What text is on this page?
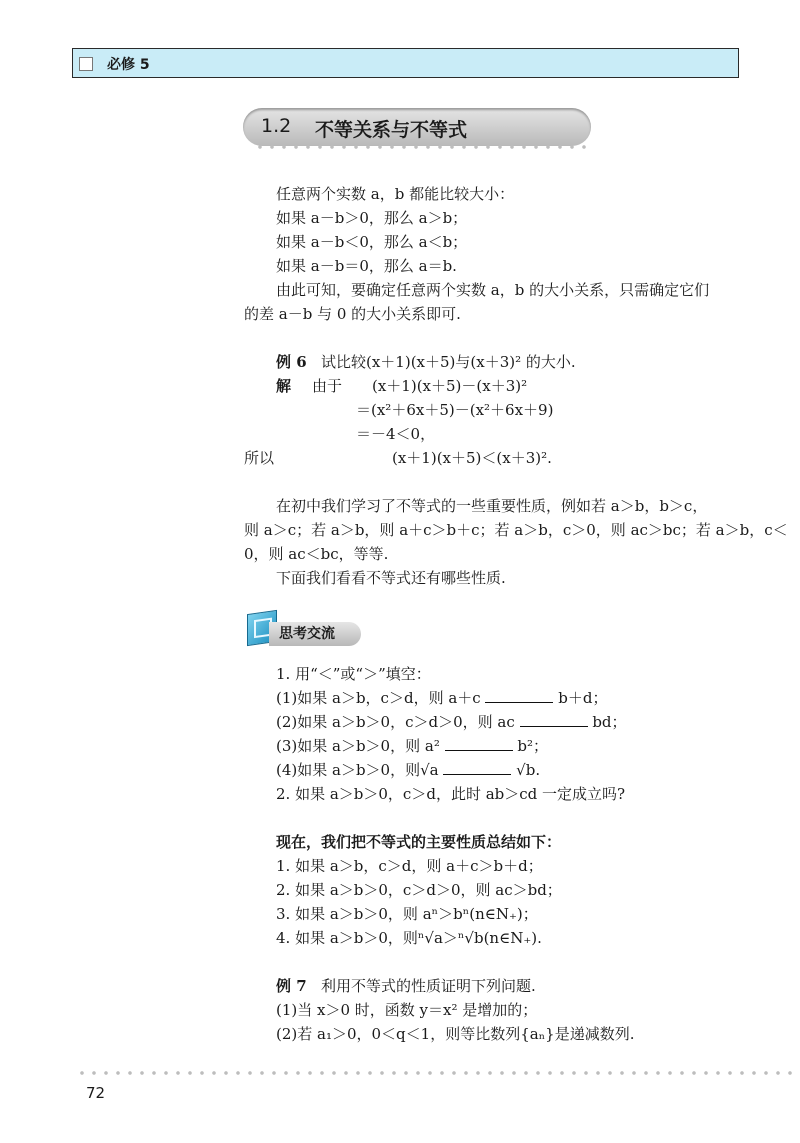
必修 5
1.2 不等关系与不等式
任意两个实数 a，b 都能比较大小：
如果 a－b＞0，那么 a＞b；
如果 a－b＜0，那么 a＜b；
如果 a－b＝0，那么 a＝b.
由此可知，要确定任意两个实数 a，b 的大小关系，只需确定它们
的差 a－b 与 0 的大小关系即可.
例 6 试比较(x＋1)(x＋5)与(x＋3)² 的大小.
解 由于 (x＋1)(x＋5)－(x＋3)²
＝(x²＋6x＋5)－(x²＋6x＋9)
＝－4＜0，
所以	(x＋1)(x＋5)＜(x＋3)².
在初中我们学习了不等式的一些重要性质，例如若 a＞b，b＞c，
则 a＞c；若 a＞b，则 a＋c＞b＋c；若 a＞b，c＞0，则 ac＞bc；若 a＞b，c＜
0，则 ac＜bc，等等.
下面我们看看不等式还有哪些性质.
思考交流
1. 用“＜”或“＞”填空：
(1)如果 a＞b，c＞d，则 a＋c	b＋d；
(2)如果 a＞b＞0，c＞d＞0，则 ac	bd；
(3)如果 a＞b＞0，则 a²	b²；
(4)如果 a＞b＞0，则√a	√b.
2. 如果 a＞b＞0，c＞d，此时 ab＞cd 一定成立吗?
现在，我们把不等式的主要性质总结如下：
1. 如果 a＞b，c＞d，则 a＋c＞b＋d；
2. 如果 a＞b＞0，c＞d＞0，则 ac＞bd；
3. 如果 a＞b＞0，则 aⁿ＞bⁿ(n∈N₊)；
4. 如果 a＞b＞0，则ⁿ√a＞ⁿ√b(n∈N₊).
例 7 利用不等式的性质证明下列问题.
(1)当 x＞0 时，函数 y＝x² 是增加的；
(2)若 a₁＞0，0＜q＜1，则等比数列{aₙ}是递减数列.
72
